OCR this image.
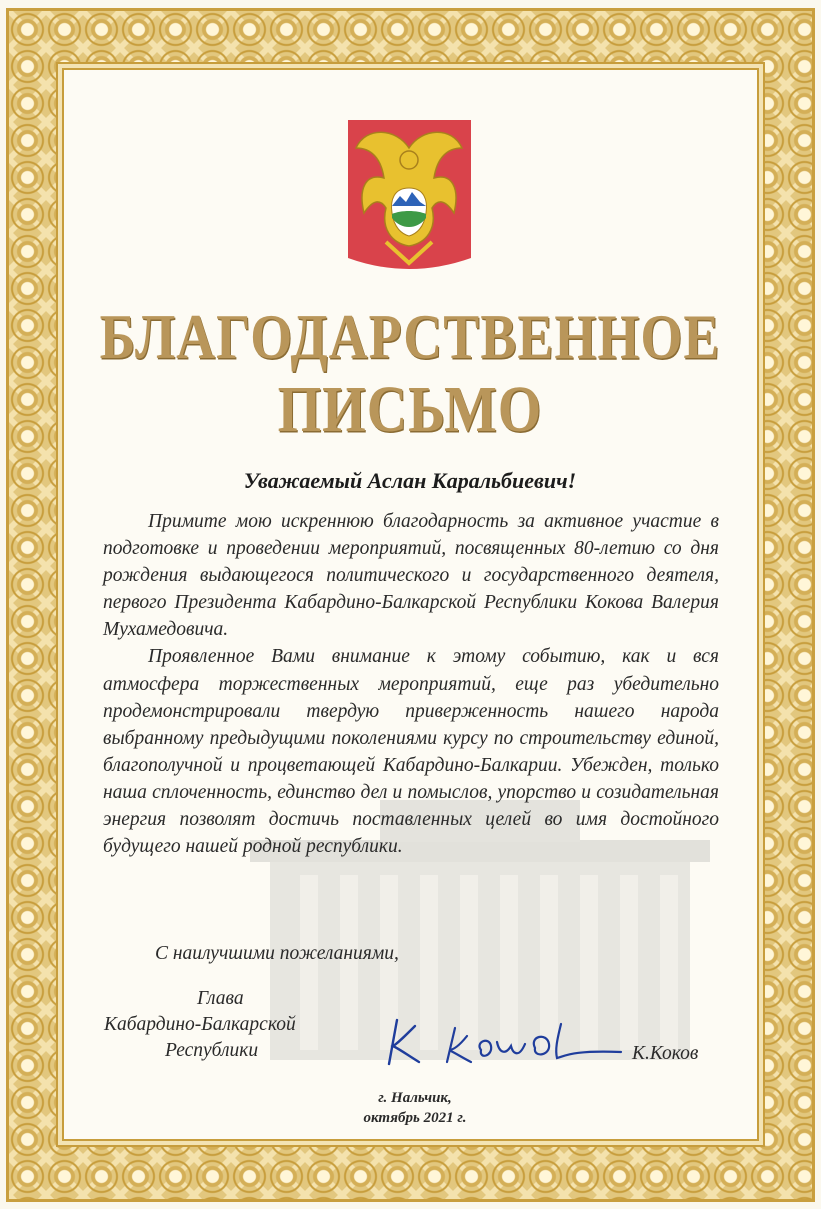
БЛАГОДАРСТВЕННОЕ
ПИСЬМО
Уважаемый Аслан Каральбиевич!

Примите мою искреннюю благодарность за активное участие в подготовке и проведении мероприятий, посвященных 80-летию со дня рождения выдающегося политического и государственного деятеля, первого Президента Кабардино-Балкарской Республики Кокова Валерия Мухамедовича.

Проявленное Вами внимание к этому событию, как и вся атмосфера торжественных мероприятий, еще раз убедительно продемонстрировали твердую приверженность нашего народа выбранному предыдущими поколениями курсу по строительству единой, благополучной и процветающей Кабардино-Балкарии. Убежден, только наша сплоченность, единство дел и помыслов, упорство и созидательная энергия позволят достичь поставленных целей во имя достойного будущего нашей родной республики.

С наилучшими пожеланиями,
Глава
Кабардино-Балкарской
Республики	К.Коков
г. Нальчик,
октябрь 2021 г.
